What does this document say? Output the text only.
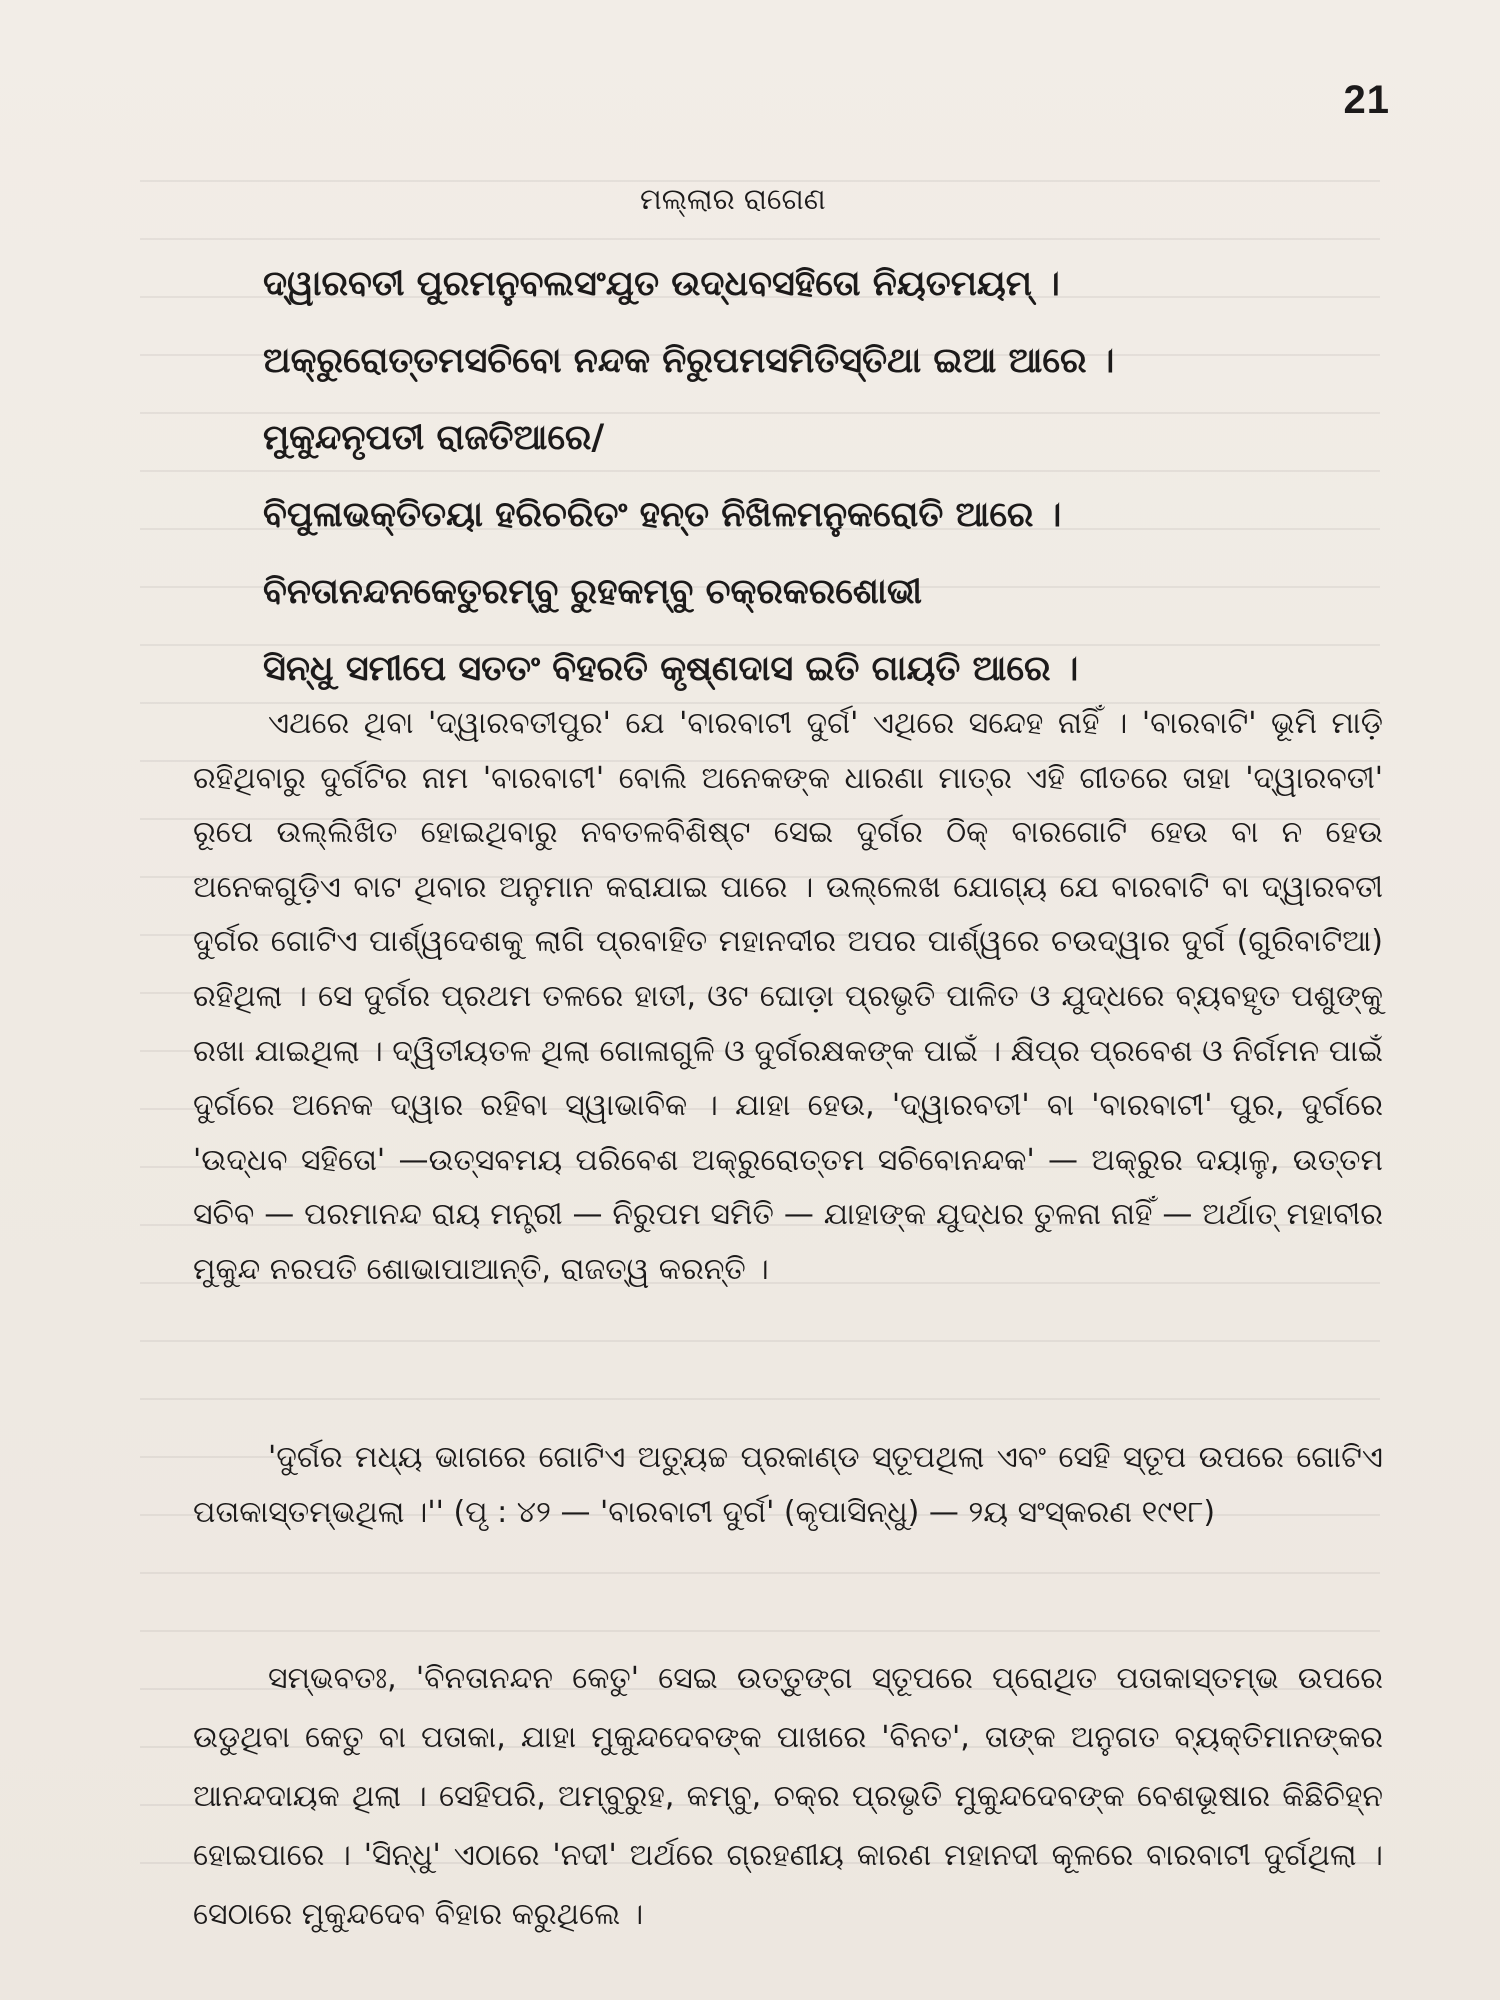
21
ମଲ୍ଲାର ରାଗେଣ
ଦ୍ୱାରବତୀ ପୁରମନୁବଲସଂଯୁତ ଉଦ୍ଧବସହିତୋ ନିୟତମୟମ୍ ।
ଅକ୍ରୁରୋତ୍ତମସଚିବୋ ନନ୍ଦକ ନିରୁପମସମିତିସ୍ତିଥା ଇଆ ଆରେ ।
ମୁକୁନ୍ଦନୃପତୀ ରାଜତିଆରେ/
ବିପୁଳାଭକ୍ତିତୟା ହରିଚରିତଂ ହନ୍ତ ନିଖିଳମନୁକରୋତି ଆରେ ।
ବିନତାନନ୍ଦନକେତୁରମ୍ବୁ ରୁହକମ୍ବୁ ଚକ୍ରକରଶୋଭୀ
ସିନ୍ଧୁ ସମୀପେ ସତତଂ ବିହରତି କୃଷ୍ଣଦାସ ଇତି ଗାୟତି ଆରେ ।

ଏଥରେ ଥିବା 'ଦ୍ୱାରବତୀପୁର' ଯେ 'ବାରବାଟୀ ଦୁର୍ଗ' ଏଥିରେ ସନ୍ଦେହ ନାହିଁ । 'ବାରବାଟି' ଭୂମି ମାଡ଼ି ରହିଥିବାରୁ ଦୁର୍ଗଟିର ନାମ 'ବାରବାଟୀ' ବୋଲି ଅନେକଙ୍କ ଧାରଣା ମାତ୍ର ଏହି ଗୀତରେ ତାହା 'ଦ୍ୱାରବତୀ' ରୂପେ ଉଲ୍ଲିଖିତ ହୋଇଥିବାରୁ ନବତଳବିଶିଷ୍ଟ ସେଇ ଦୁର୍ଗର ଠିକ୍ ବାରଗୋଟି ହେଉ ବା ନ ହେଉ ଅନେକଗୁଡ଼ିଏ ବାଟ ଥିବାର ଅନୁମାନ କରାଯାଇ ପାରେ । ଉଲ୍ଲେଖ ଯୋଗ୍ୟ ଯେ ବାରବାଟି ବା ଦ୍ୱାରବତୀ ଦୁର୍ଗର ଗୋଟିଏ ପାର୍ଶ୍ୱଦେଶକୁ ଲାଗି ପ୍ରବାହିତ ମହାନଦୀର ଅପର ପାର୍ଶ୍ୱରେ ଚଉଦ୍ୱାର ଦୁର୍ଗ (ଗୁରିବାଟିଆ) ରହିଥିଲା । ସେ ଦୁର୍ଗର ପ୍ରଥମ ତଳରେ ହାତୀ, ଓଟ ଘୋଡ଼ା ପ୍ରଭୃତି ପାଳିତ ଓ ଯୁଦ୍ଧରେ ବ୍ୟବହୃତ ପଶୁଙ୍କୁ ରଖା ଯାଇଥିଲା । ଦ୍ୱିତୀୟତଳ ଥିଲା ଗୋଳାଗୁଳି ଓ ଦୁର୍ଗରକ୍ଷକଙ୍କ ପାଇଁ । କ୍ଷିପ୍ର ପ୍ରବେଶ ଓ ନିର୍ଗମନ ପାଇଁ ଦୁର୍ଗରେ ଅନେକ ଦ୍ୱାର ରହିବା ସ୍ୱାଭାବିକ । ଯାହା ହେଉ, 'ଦ୍ୱାରବତୀ' ବା 'ବାରବାଟୀ' ପୁର, ଦୁର୍ଗରେ 'ଉଦ୍ଧବ ସହିତୋ' —ଉତ୍ସବମୟ ପରିବେଶ ଅକ୍ରୁରୋତ୍ତମ ସଚିବୋନନ୍ଦକ' — ଅକ୍ରୁର ଦୟାଳୁ, ଉତ୍ତମ ସଚିବ — ପରମାନନ୍ଦ ରାୟ ମନ୍ତ୍ରୀ — ନିରୁପମ ସମିତି — ଯାହାଙ୍କ ଯୁଦ୍ଧର ତୁଳନା ନାହିଁ — ଅର୍ଥାତ୍ ମହାବୀର ମୁକୁନ୍ଦ ନରପତି ଶୋଭାପାଆନ୍ତି, ରାଜତ୍ୱ କରନ୍ତି ।

'ଦୁର୍ଗର ମଧ୍ୟ ଭାଗରେ ଗୋଟିଏ ଅତ୍ୟୁଚ୍ଚ ପ୍ରକାଣ୍ଡ ସ୍ତୂପଥିଲା ଏବଂ ସେହି ସ୍ତୂପ ଉପରେ ଗୋଟିଏ ପତାକାସ୍ତମ୍ଭଥିଲା ।'' (ପୃ : ୪୨ — 'ବାରବାଟୀ ଦୁର୍ଗ' (କୃପାସିନ୍ଧୁ) — ୨ୟ ସଂସ୍କରଣ ୧୯୧୮)

ସମ୍ଭବତଃ, 'ବିନତାନନ୍ଦନ କେତୁ' ସେଇ ଉତ୍ତୁଙ୍ଗ ସ୍ତୂପରେ ପ୍ରୋଥିତ ପତାକାସ୍ତମ୍ଭ ଉପରେ ଉଡୁଥିବା କେତୁ ବା ପତାକା, ଯାହା ମୁକୁନ୍ଦଦେବଙ୍କ ପାଖରେ 'ବିନତ', ତାଙ୍କ ଅନୁଗତ ବ୍ୟକ୍ତିମାନଙ୍କର ଆନନ୍ଦଦାୟକ ଥିଲା । ସେହିପରି, ଅମ୍ବୁରୁହ, କମ୍ବୁ, ଚକ୍ର ପ୍ରଭୃତି ମୁକୁନ୍ଦଦେବଙ୍କ ବେଶଭୂଷାର କିଛିଚିହ୍ନ ହୋଇପାରେ । 'ସିନ୍ଧୁ' ଏଠାରେ 'ନଦୀ' ଅର୍ଥରେ ଗ୍ରହଣୀୟ କାରଣ ମହାନଦୀ କୂଳରେ ବାରବାଟୀ ଦୁର୍ଗଥିଲା । ସେଠାରେ ମୁକୁନ୍ଦଦେବ ବିହାର କରୁଥିଲେ ।
